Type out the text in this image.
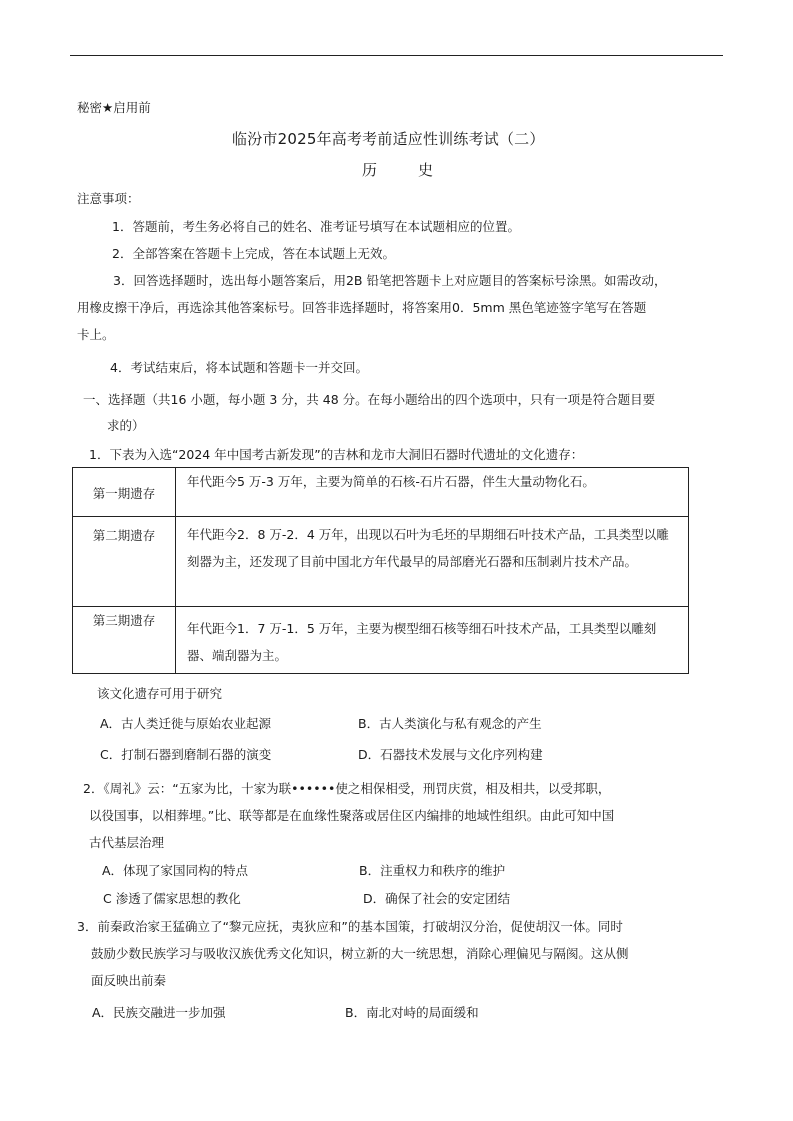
秘密★启用前
临汾市2025年高考考前适应性训练考试（二）
历	史
注意事项：
1．答题前，考生务必将自己的姓名、准考证号填写在本试题相应的位置。
2．全部答案在答题卡上完成，答在本试题上无效。
3．回答选择题时，选出每小题答案后，用2B 铅笔把答题卡上对应题目的答案标号涂黑。如需改动，
用橡皮擦干净后，再选涂其他答案标号。回答非选择题时，将答案用0．5mm 黑色笔迹签字笔写在答题
卡上。
4．考试结束后，将本试题和答题卡一并交回。
一、选择题（共16 小题，每小题 3 分，共 48 分。在每小题给出的四个选项中，只有一项是符合题目要
求的）
1．下表为入选“2024 年中国考古新发现”的吉林和龙市大洞旧石器时代遗址的文化遗存：
第一期遗存	年代距今5 万-3 万年，主要为简单的石核-石片石器，伴生大量动物化石。
第二期遗存	年代距今2．8 万-2．4 万年，出现以石叶为毛坯的早期细石叶技术产品，工具类型以雕刻器为主，还发现了目前中国北方年代最早的局部磨光石器和压制剥片技术产品。
第三期遗存	年代距今1．7 万-1．5 万年，主要为楔型细石核等细石叶技术产品，工具类型以雕刻器、端刮器为主。
该文化遗存可用于研究
A．古人类迁徙与原始农业起源	B．古人类演化与私有观念的产生
C．打制石器到磨制石器的演变	D．石器技术发展与文化序列构建
2．《周礼》云：“五家为比，十家为联••••••使之相保相受，刑罚庆赏，相及相共，以受邦职，
以役国事，以相葬埋。”比、联等都是在血缘性聚落或居住区内编排的地域性组织。由此可知中国
古代基层治理
A．体现了家国同构的特点	B．注重权力和秩序的维护
C 渗透了儒家思想的教化	D．确保了社会的安定团结
3．前秦政治家王猛确立了“黎元应抚，夷狄应和”的基本国策，打破胡汉分治，促使胡汉一体。同时
鼓励少数民族学习与吸收汉族优秀文化知识，树立新的大一统思想，消除心理偏见与隔阂。这从侧
面反映出前秦
A．民族交融进一步加强	B．南北对峙的局面缓和
